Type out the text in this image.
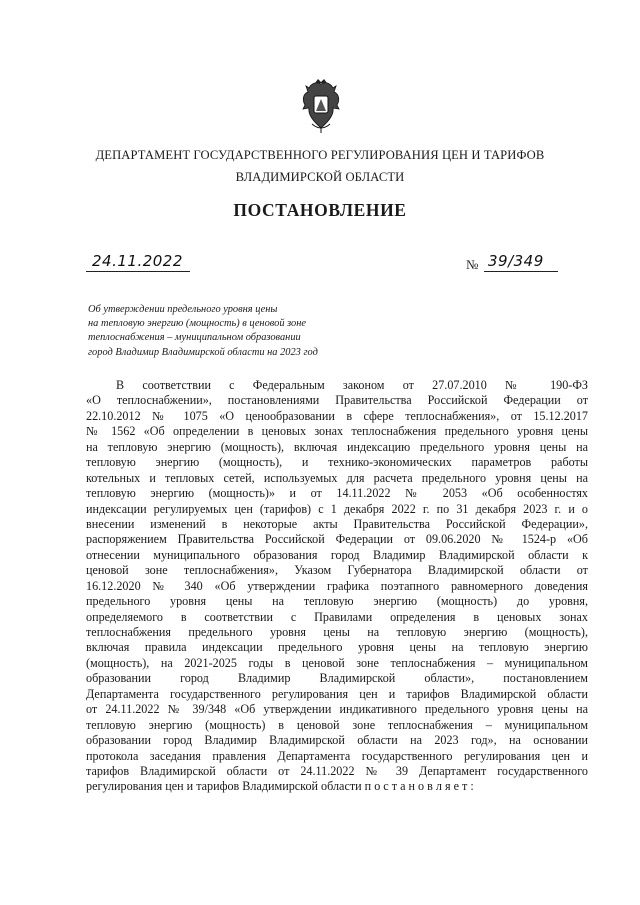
ДЕПАРТАМЕНТ ГОСУДАРСТВЕННОГО РЕГУЛИРОВАНИЯ ЦЕН И ТАРИФОВ
ВЛАДИМИРСКОЙ ОБЛАСТИ
ПОСТАНОВЛЕНИЕ
24.11.2022	№ 39/349
Об утверждении предельного уровня цены
на тепловую энергию (мощность) в ценовой зоне
теплоснабжения – муниципальном образовании
город Владимир Владимирской области на 2023 год
В соответствии с Федеральным законом от 27.07.2010 № 190-ФЗ
«О теплоснабжении», постановлениями Правительства Российской Федерации от
22.10.2012 № 1075 «О ценообразовании в сфере теплоснабжения», от 15.12.2017
№ 1562 «Об определении в ценовых зонах теплоснабжения предельного уровня цены
на тепловую энергию (мощность), включая индексацию предельного уровня цены на
тепловую энергию (мощность), и технико-экономических параметров работы
котельных и тепловых сетей, используемых для расчета предельного уровня цены на
тепловую энергию (мощность)» и от 14.11.2022 № 2053 «Об особенностях
индексации регулируемых цен (тарифов) с 1 декабря 2022 г. по 31 декабря 2023 г. и о
внесении изменений в некоторые акты Правительства Российской Федерации»,
распоряжением Правительства Российской Федерации от 09.06.2020 № 1524-р «Об
отнесении муниципального образования город Владимир Владимирской области к
ценовой зоне теплоснабжения», Указом Губернатора Владимирской области от
16.12.2020 № 340 «Об утверждении графика поэтапного равномерного доведения
предельного уровня цены на тепловую энергию (мощность) до уровня,
определяемого в соответствии с Правилами определения в ценовых зонах
теплоснабжения предельного уровня цены на тепловую энергию (мощность),
включая правила индексации предельного уровня цены на тепловую энергию
(мощность), на 2021-2025 годы в ценовой зоне теплоснабжения – муниципальном
образовании город Владимир Владимирской области», постановлением
Департамента государственного регулирования цен и тарифов Владимирской области
от 24.11.2022 № 39/348 «Об утверждении индикативного предельного уровня цены на
тепловую энергию (мощность) в ценовой зоне теплоснабжения – муниципальном
образовании город Владимир Владимирской области на 2023 год», на основании
протокола заседания правления Департамента государственного регулирования цен и
тарифов Владимирской области от 24.11.2022 № 39 Департамент государственного
регулирования цен и тарифов Владимирской области п о с т а н о в л я е т :
